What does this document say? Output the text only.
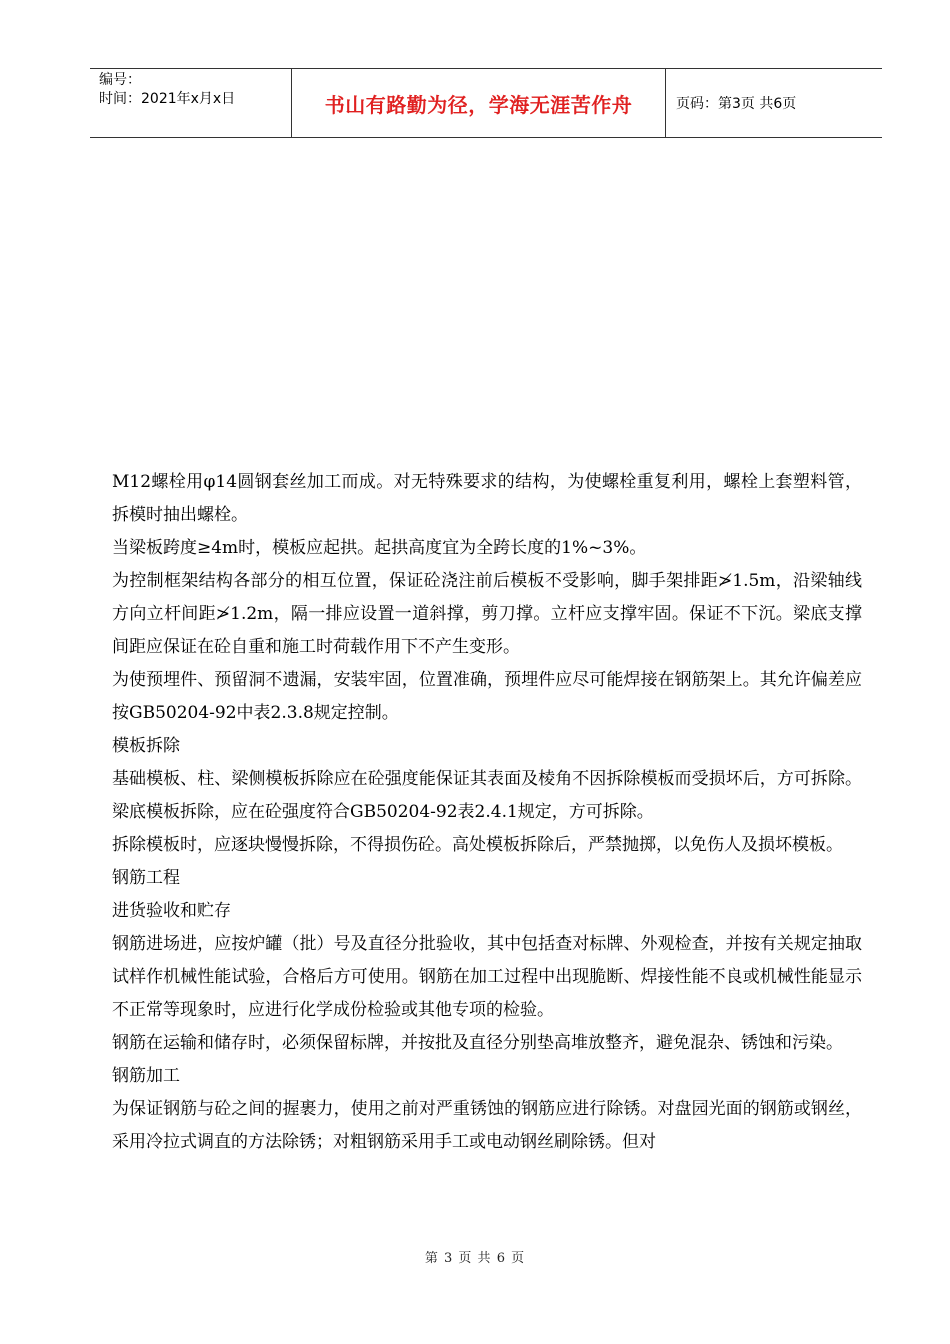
编号：
时间：2021年x月x日	书山有路勤为径，学海无涯苦作舟	页码：第3页 共6页

M12螺栓用φ14圆钢套丝加工而成。对无特殊要求的结构，为使螺栓重复利用，螺栓上套塑料管，拆模时抽出螺栓。

当梁板跨度≥4m时，模板应起拱。起拱高度宜为全跨长度的1%~3%。

为控制框架结构各部分的相互位置，保证砼浇注前后模板不受影响，脚手架排距≯1.5m，沿梁轴线方向立杆间距≯1.2m，隔一排应设置一道斜撑，剪刀撑。立杆应支撑牢固。保证不下沉。梁底支撑间距应保证在砼自重和施工时荷载作用下不产生变形。

为使预埋件、预留洞不遗漏，安装牢固，位置准确，预埋件应尽可能焊接在钢筋架上。其允许偏差应按GB50204-92中表2.3.8规定控制。

模板拆除

基础模板、柱、梁侧模板拆除应在砼强度能保证其表面及棱角不因拆除模板而受损坏后，方可拆除。梁底模板拆除，应在砼强度符合GB50204-92表2.4.1规定，方可拆除。

拆除模板时，应逐块慢慢拆除，不得损伤砼。高处模板拆除后，严禁抛掷，以免伤人及损坏模板。

钢筋工程

进货验收和贮存

钢筋进场进，应按炉罐（批）号及直径分批验收，其中包括查对标牌、外观检查，并按有关规定抽取试样作机械性能试验，合格后方可使用。钢筋在加工过程中出现脆断、焊接性能不良或机械性能显示不正常等现象时，应进行化学成份检验或其他专项的检验。

钢筋在运输和储存时，必须保留标牌，并按批及直径分别垫高堆放整齐，避免混杂、锈蚀和污染。

钢筋加工

为保证钢筋与砼之间的握裹力，使用之前对严重锈蚀的钢筋应进行除锈。对盘园光面的钢筋或钢丝，采用冷拉式调直的方法除锈；对粗钢筋采用手工或电动钢丝刷除锈。但对

第 3 页 共 6 页
